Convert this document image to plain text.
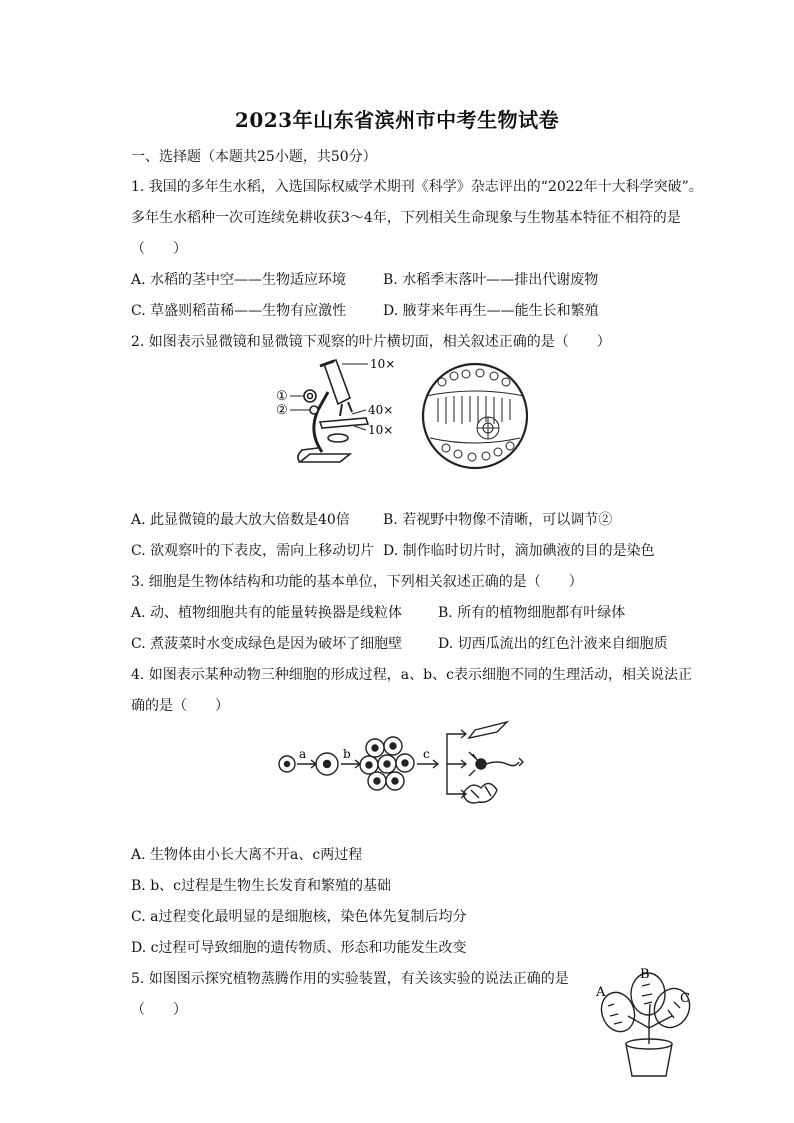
2023年山东省滨州市中考生物试卷
一、选择题（本题共25小题，共50分）
1. 我国的多年生水稻，入选国际权威学术期刊《科学》杂志评出的“2022年十大科学突破”。
多年生水稻种一次可连续免耕收获3～4年，下列相关生命现象与生物基本特征不相符的是
（　　）
A. 水稻的茎中空——生物适应环境	B. 水稻季末落叶——排出代谢废物
C. 草盛则稻苗稀——生物有应激性	D. 腋芽来年再生——能生长和繁殖
2. 如图表示显微镜和显微镜下观察的叶片横切面，相关叙述正确的是（　　）
10×
①
②	40×
10×
A. 此显微镜的最大放大倍数是40倍 B. 若视野中物像不清晰，可以调节②
C. 欲观察叶的下表皮，需向上移动切片 D. 制作临时切片时，滴加碘液的目的是染色
3. 细胞是生物体结构和功能的基本单位，下列相关叙述正确的是（　　）
A. 动、植物细胞共有的能量转换器是线粒体	B. 所有的植物细胞都有叶绿体
C. 煮菠菜时水变成绿色是因为破坏了细胞壁	D. 切西瓜流出的红色汁液来自细胞质
4. 如图表示某种动物三种细胞的形成过程，a、b、c表示细胞不同的生理活动，相关说法正
确的是（　　）
a	b	c
A. 生物体由小长大离不开a、c两过程
B. b、c过程是生物生长发育和繁殖的基础
C. a过程变化最明显的是细胞核，染色体先复制后均分
D. c过程可导致细胞的遗传物质、形态和功能发生改变
5. 如图图示探究植物蒸腾作用的实验装置，有关该实验的说法正确的是
（　　）
A
B
C
